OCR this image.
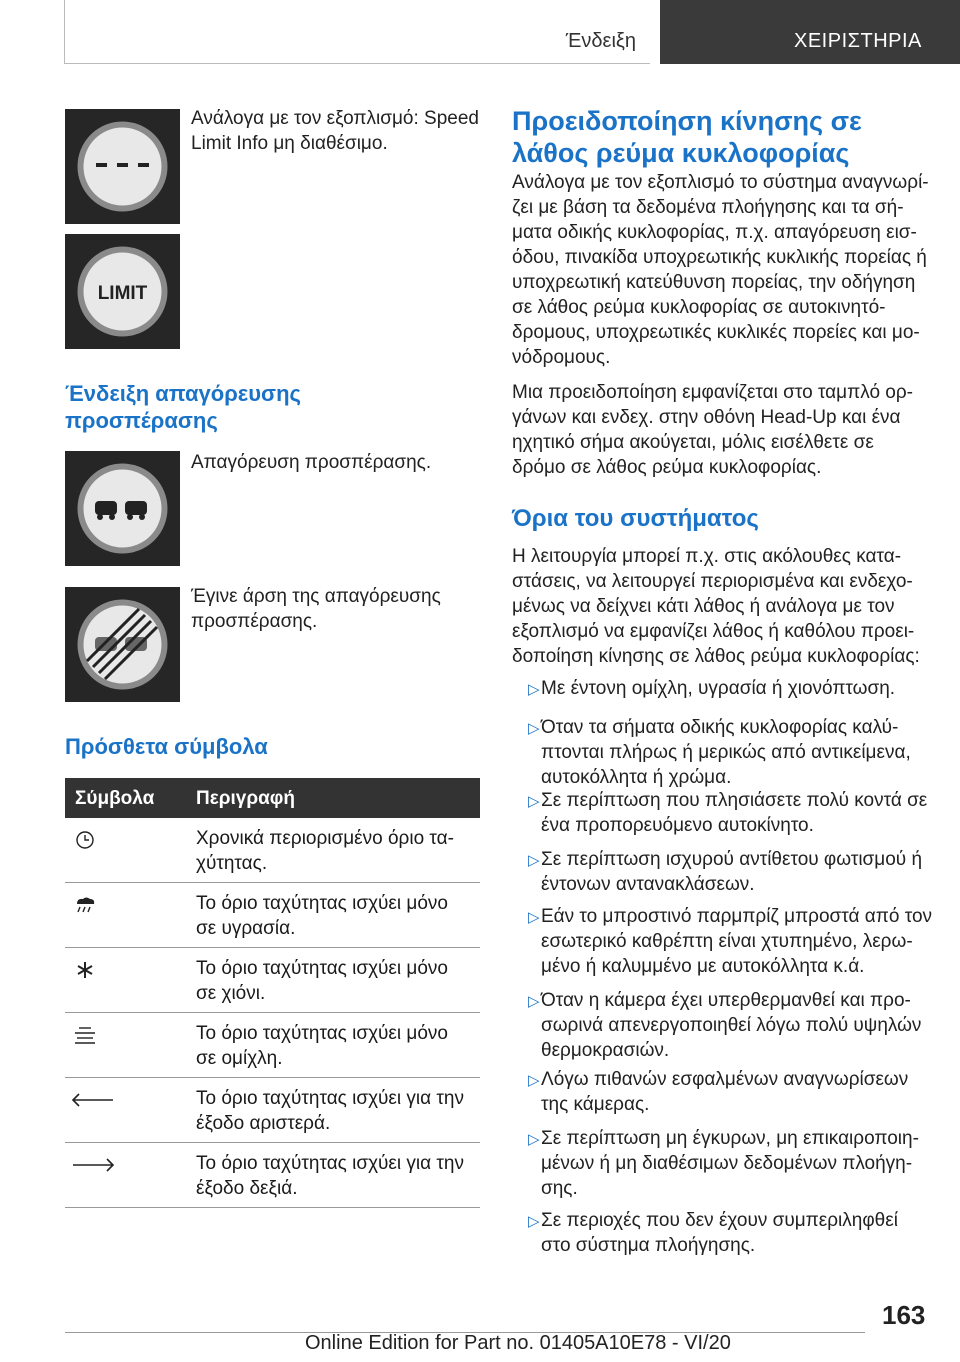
Ένδειξη	ΧΕΙΡΙΣΤΗΡΙΑ
Ανάλογα με τον εξοπλισμό: Speed
Limit Info μη διαθέσιμο.
LIMIT
Ένδειξη απαγόρευσης
προσπέρασης
Απαγόρευση προσπέρασης.
Έγινε άρση της απαγόρευσης
προσπέρασης.
Πρόσθετα σύμβολα
Σύμβολα Περιγραφή
Χρονικά περιορισμένο όριο τα-
χύτητας.
Το όριο ταχύτητας ισχύει μόνο
σε υγρασία.
Το όριο ταχύτητας ισχύει μόνο
σε χιόνι.
Το όριο ταχύτητας ισχύει μόνο
σε ομίχλη.
Το όριο ταχύτητας ισχύει για την
έξοδο αριστερά.
Το όριο ταχύτητας ισχύει για την
έξοδο δεξιά.
Προειδοποίηση κίνησης σε
λάθος ρεύμα κυκλοφορίας
Ανάλογα με τον εξοπλισμό το σύστημα αναγνωρί-
ζει με βάση τα δεδομένα πλοήγησης και τα σή-
ματα οδικής κυκλοφορίας, π.χ. απαγόρευση εισ-
όδου, πινακίδα υποχρεωτικής κυκλικής πορείας ή
υποχρεωτική κατεύθυνση πορείας, την οδήγηση
σε λάθος ρεύμα κυκλοφορίας σε αυτοκινητό-
δρομους, υποχρεωτικές κυκλικές πορείες και μο-
νόδρομους.
Μια προειδοποίηση εμφανίζεται στο ταμπλό ορ-
γάνων και ενδεχ. στην οθόνη Head-Up και ένα
ηχητικό σήμα ακούγεται, μόλις εισέλθετε σε
δρόμο σε λάθος ρεύμα κυκλοφορίας.
Όρια του συστήματος
Η λειτουργία μπορεί π.χ. στις ακόλουθες κατα-
στάσεις, να λειτουργεί περιορισμένα και ενδεχο-
μένως να δείχνει κάτι λάθος ή ανάλογα με τον
εξοπλισμό να εμφανίζει λάθος ή καθόλου προει-
δοποίηση κίνησης σε λάθος ρεύμα κυκλοφορίας:
▷ Με έντονη ομίχλη, υγρασία ή χιονόπτωση.
▷ Όταν τα σήματα οδικής κυκλοφορίας καλύ-
πτονται πλήρως ή μερικώς από αντικείμενα,
αυτοκόλλητα ή χρώμα.
▷ Σε περίπτωση που πλησιάσετε πολύ κοντά σε
ένα προπορευόμενο αυτοκίνητο.
▷ Σε περίπτωση ισχυρού αντίθετου φωτισμού ή
έντονων αντανακλάσεων.
▷ Εάν το μπροστινό παρμπρίζ μπροστά από τον
εσωτερικό καθρέπτη είναι χτυπημένο, λερω-
μένο ή καλυμμένο με αυτοκόλλητα κ.ά.
▷ Όταν η κάμερα έχει υπερθερμανθεί και προ-
σωρινά απενεργοποιηθεί λόγω πολύ υψηλών
θερμοκρασιών.
▷ Λόγω πιθανών εσφαλμένων αναγνωρίσεων
της κάμερας.
▷ Σε περίπτωση μη έγκυρων, μη επικαιροποιη-
μένων ή μη διαθέσιμων δεδομένων πλοήγη-
σης.
▷ Σε περιοχές που δεν έχουν συμπεριληφθεί
στο σύστημα πλοήγησης.
163
Online Edition for Part no. 01405A10E78 - VI/20
